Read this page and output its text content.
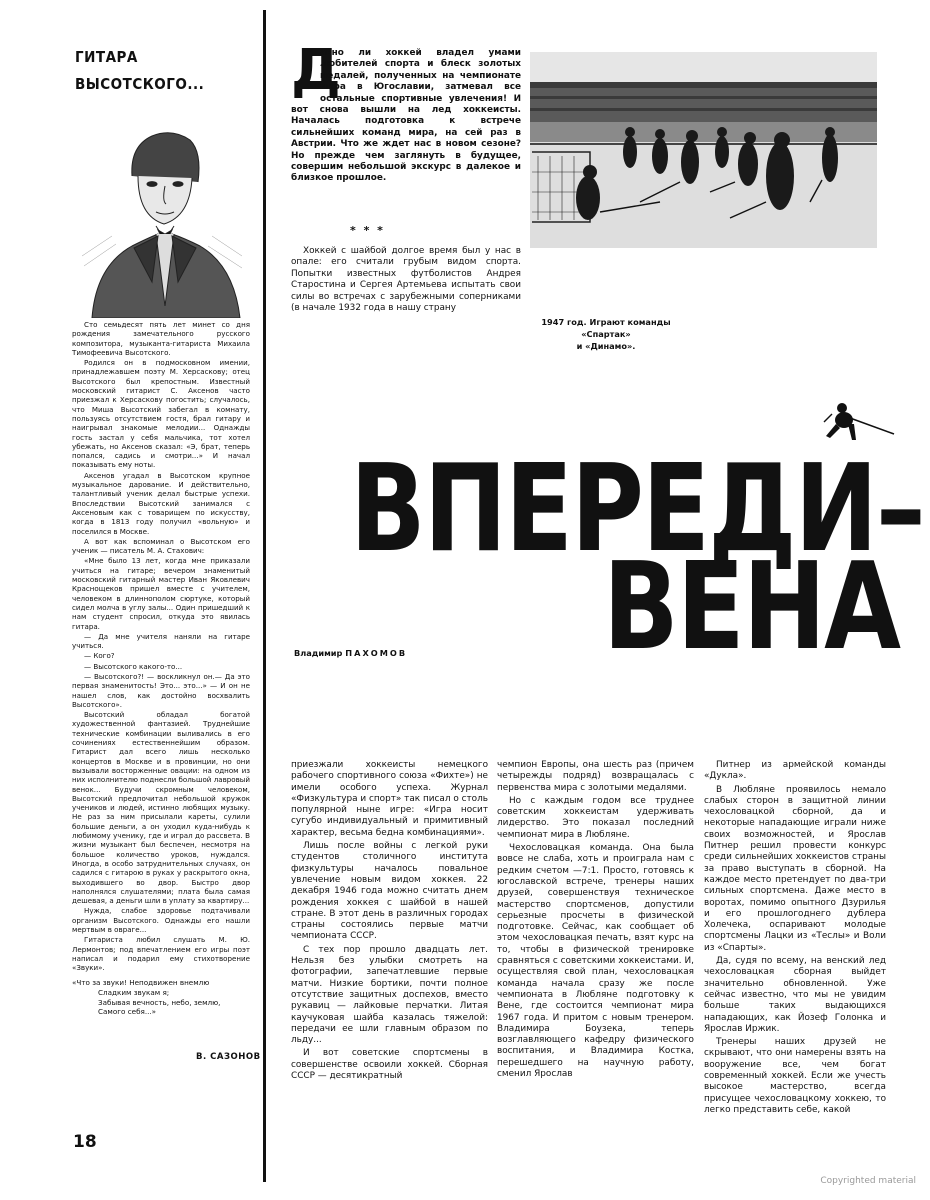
ГИТАРА
ВЫСОТСКОГО...

Сто семьдесят пять лет минет со дня рождения замечательного русского композитора, музыканта-гитариста Михаила Тимофеевича Высотского.

Родился он в подмосковном имении, принадлежавшем поэту М. Херсаскову; отец Высотского был крепостным. Известный московский гитарист С. Аксенов часто приезжал к Херсаскову погостить; случалось, что Миша Высотский забегал в комнату, пользуясь отсутствием гостя, брал гитару и наигрывал знакомые мелодии... Однажды гость застал у себя мальчика, тот хотел убежать, но Аксенов сказал: «Э, брат, теперь попался, садись и смотри...» И начал показывать ему ноты.

Аксенов угадал в Высотском крупное музыкальное дарование. И действительно, талантливый ученик делал быстрые успехи. Впоследствии Высотский занимался с Аксеновым как с товарищем по искусству, когда в 1813 году получил «вольную» и поселился в Москве.

А вот как вспоминал о Высотском его ученик — писатель М. А. Стахович:

«Мне было 13 лет, когда мне приказали учиться на гитаре; вечером знаменитый московский гитарный мастер Иван Яковлевич Краснощеков пришел вместе с учителем, человеком в длиннополом сюртуке, который сидел молча в углу залы... Один пришедший к нам студент спросил, откуда это явилась гитара.

— Да мне учителя наняли на гитаре учиться.

— Кого?

— Высотского какого-то...

— Высотского?! — воскликнул он.— Да это первая знаменитость! Это... это...» — И он не нашел слов, как достойно восхвалить Высотского».

Высотский обладал богатой художественной фантазией. Труднейшие технические комбинации выливались в его сочинениях естественнейшим образом. Гитарист дал всего лишь несколько концертов в Москве и в провинции, но они вызывали восторженные овации: на одном из них исполнителю поднесли большой лавровый венок... Будучи скромным человеком, Высотский предпочитал небольшой кружок учеников и людей, истинно любящих музыку. Не раз за ним присылали кареты, сулили большие деньги, а он уходил куда-нибудь к любимому ученику, где и играл до рассвета. В жизни музыкант был беспечен, несмотря на большое количество уроков, нуждался. Иногда, в особо затруднительных случаях, он садился с гитарою в руках у раскрытого окна, выходившего во двор. Быстро двор наполнялся слушателями; плата была самая дешевая, а деньги шли в уплату за квартиру...

Нужда, слабое здоровье подтачивали организм Высотского. Однажды его нашли мертвым в овраге...

Гитариста любил слушать М. Ю. Лермонтов; под впечатлением его игры поэт написал и подарил ему стихотворение «Звуки».

«Что за звуки! Неподвижен внемлю
Сладким звукам я;
Забывая вечность, небо, землю,
Самого себя...»
В. САЗОНОВ
18
Д
авно ли хоккей владел умами любителей спорта и блеск золотых медалей, полученных на чемпионате мира в Югославии, затмевал все остальные спортивные увлечения! И вот снова вышли на лед хоккеисты. Началась подготовка к встрече сильнейших команд мира, на сей раз в Австрии. Что же ждет нас в новом сезоне? Но прежде чем заглянуть в будущее, совершим небольшой экскурс в далекое и близкое прошлое.
* * *
Хоккей с шайбой долгое время был у нас в опале: его считали грубым видом спорта. Попытки известных футболистов Андрея Старостина и Сергея Артемьева испытать свои силы во встречах с зарубежными соперниками (в начале 1932 года в нашу страну
1947 год. Играют команды «Спартак»
и «Динамо».
ВПЕРЕДИ–
ВЕНА
Владимир ПАХОМОВ

приезжали хоккеисты немецкого рабочего спортивного союза «Фихте») не имели особого успеха. Журнал «Физкультура и спорт» так писал о столь популярной ныне игре: «Игра носит сугубо индивидуальный и примитивный характер, весьма бедна комбинациями».

Лишь после войны с легкой руки студентов столичного института физкультуры началось повальное увлечение новым видом хоккея. 22 декабря 1946 года можно считать днем рождения хоккея с шайбой в нашей стране. В этот день в различных городах страны состоялись первые матчи чемпионата СССР.

С тех пор прошло двадцать лет. Нельзя без улыбки смотреть на фотографии, запечатлевшие первые матчи. Низкие бортики, почти полное отсутствие защитных доспехов, вместо рукавиц — лайковые перчатки. Литая каучуковая шайба казалась тяжелой: передачи ее шли главным образом по льду...

И вот советские спортсмены в совершенстве освоили хоккей. Сборная СССР — десятикратный

чемпион Европы, она шесть раз (причем четырежды подряд) возвращалась с первенства мира с золотыми медалями.

Но с каждым годом все труднее советским хоккеистам удерживать лидерство. Это показал последний чемпионат мира в Любляне.

Чехословацкая команда. Она была вовсе не слаба, хоть и проиграла нам с редким счетом —7:1. Просто, готовясь к югославской встрече, тренеры наших друзей, совершенствуя техническое мастерство спортсменов, допустили серьезные просчеты в физической подготовке. Сейчас, как сообщает об этом чехословацкая печать, взят курс на то, чтобы в физической тренировке сравняться с советскими хоккеистами. И, осуществляя свой план, чехословацкая команда начала сразу же после чемпионата в Любляне подготовку к Вене, где состоится чемпионат мира 1967 года. И притом с новым тренером. Владимира Боузека, теперь возглавляющего кафедру физического воспитания, и Владимира Костка, перешедшего на научную работу, сменил Ярослав

Питнер из армейской команды «Дукла».

В Любляне проявилось немало слабых сторон в защитной линии чехословацкой сборной, да и некоторые нападающие играли ниже своих возможностей, и Ярослав Питнер решил провести конкурс среди сильнейших хоккеистов страны за право выступать в сборной. На каждое место претендует по два-три сильных спортсмена. Даже место в воротах, помимо опытного Дзурилья и его прошлогоднего дублера Холечека, оспаривают молодые спортсмены Лацки из «Теслы» и Воли из «Спарты».

Да, судя по всему, на венский лед чехословацкая сборная выйдет значительно обновленной. Уже сейчас известно, что мы не увидим больше таких выдающихся нападающих, как Йозеф Голонка и Ярослав Иржик.

Тренеры наших друзей не скрывают, что они намерены взять на вооружение все, чем богат современный хоккей. Если же учесть высокое мастерство, всегда присущее чехословацкому хоккею, то легко представить себе, какой

Copyrighted material
